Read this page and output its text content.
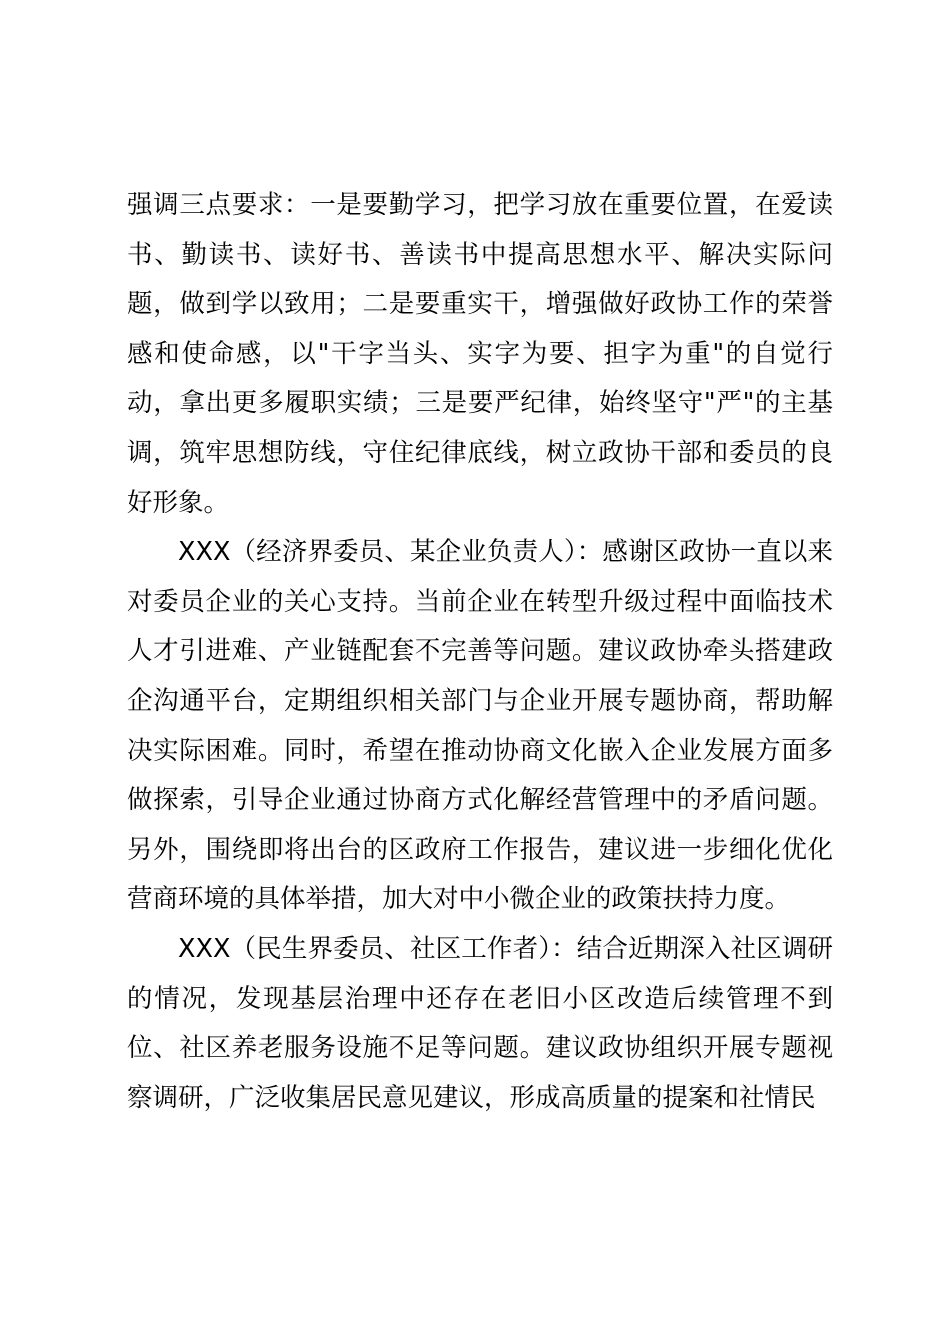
强调三点要求：一是要勤学习，把学习放在重要位置，在爱读书、勤读书、读好书、善读书中提高思想水平、解决实际问题，做到学以致用；二是要重实干，增强做好政协工作的荣誉感和使命感，以"干字当头、实字为要、担字为重"的自觉行动，拿出更多履职实绩；三是要严纪律，始终坚守"严"的主基调，筑牢思想防线，守住纪律底线，树立政协干部和委员的良好形象。

XXX（经济界委员、某企业负责人）：感谢区政协一直以来对委员企业的关心支持。当前企业在转型升级过程中面临技术人才引进难、产业链配套不完善等问题。建议政协牵头搭建政企沟通平台，定期组织相关部门与企业开展专题协商，帮助解决实际困难。同时，希望在推动协商文化嵌入企业发展方面多做探索，引导企业通过协商方式化解经营管理中的矛盾问题。另外，围绕即将出台的区政府工作报告，建议进一步细化优化营商环境的具体举措，加大对中小微企业的政策扶持力度。

XXX（民生界委员、社区工作者）：结合近期深入社区调研的情况，发现基层治理中还存在老旧小区改造后续管理不到位、社区养老服务设施不足等问题。建议政协组织开展专题视察调研，广泛收集居民意见建议，形成高质量的提案和社情民
